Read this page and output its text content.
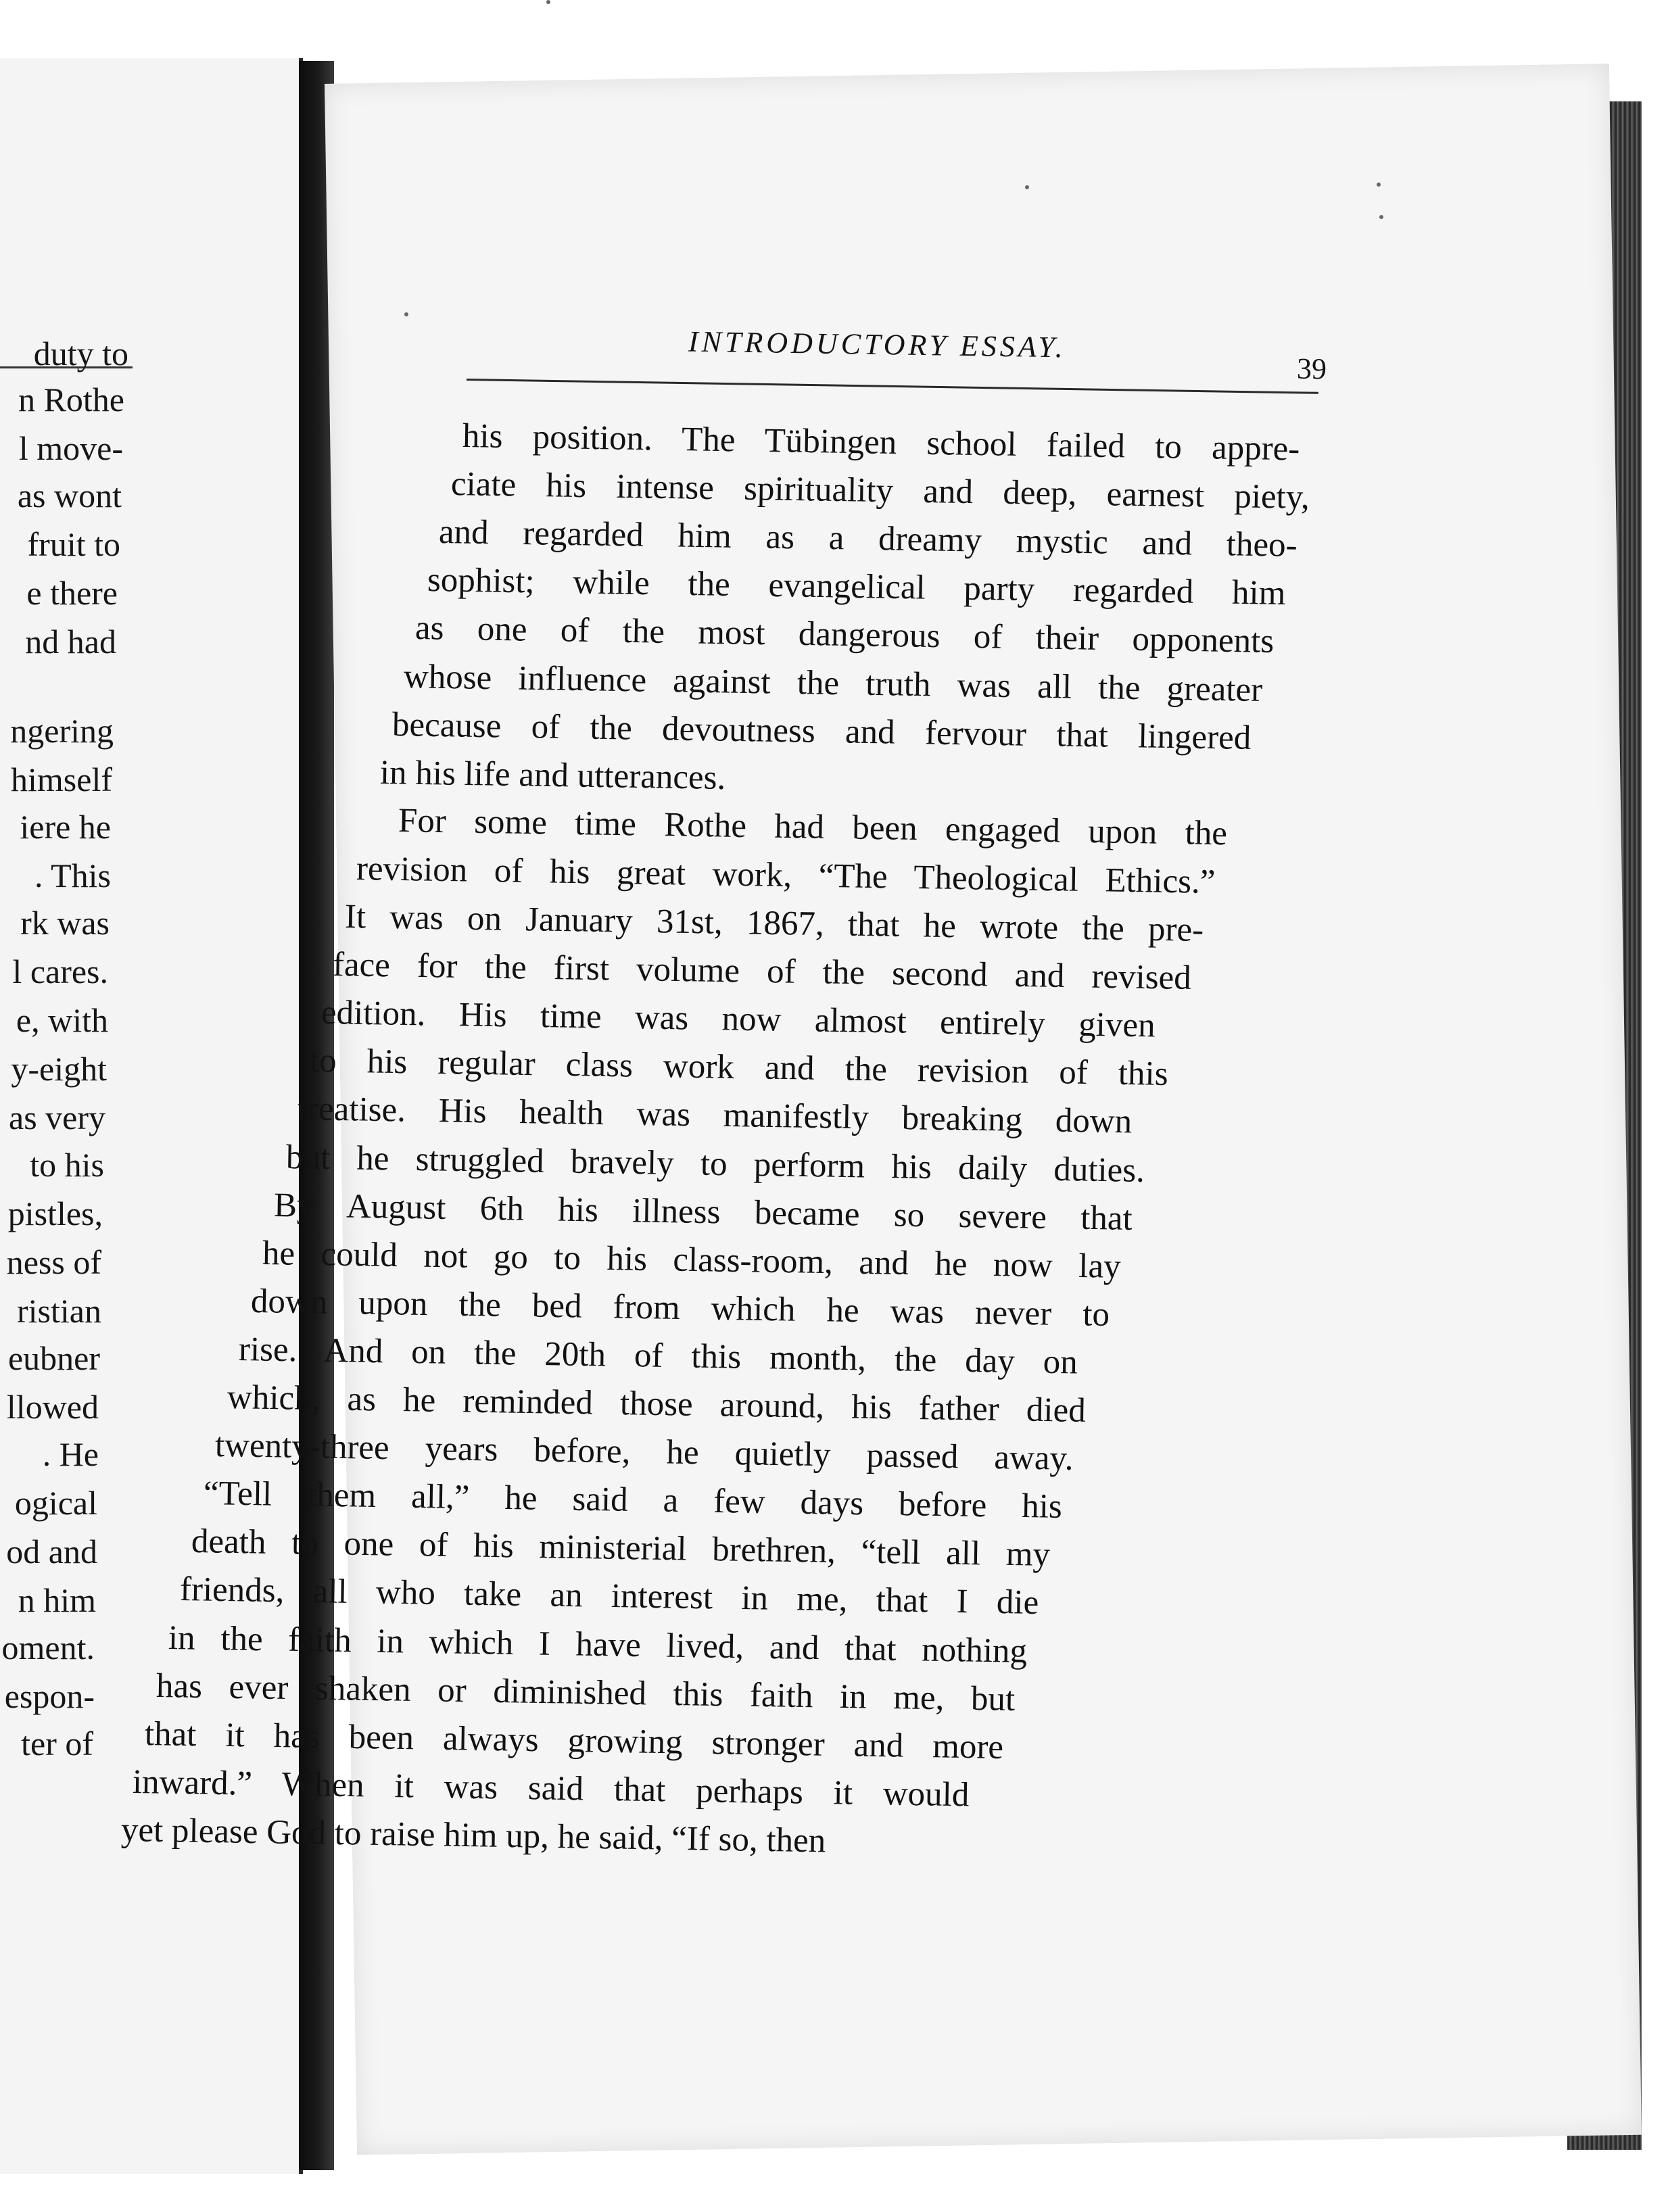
duty to
n Rothe
l move-
as wont
fruit to
e there
nd had
ngering
himself
iere he
. This
rk was
l cares.
e, with
y-eight
as very
to his
pistles,
ness of
ristian
eubner
llowed
. He
ogical
od and
n him
oment.
espon-
ter of
INTRODUCTORY ESSAY.
39
his position. The Tübingen school failed to appre-
ciate his intense spirituality and deep, earnest piety,
and regarded him as a dreamy mystic and theo-
sophist; while the evangelical party regarded him
as one of the most dangerous of their opponents
whose influence against the truth was all the greater
because of the devoutness and fervour that lingered
in his life and utterances.
For some time Rothe had been engaged upon the
revision of his great work, “The Theological Ethics.”
It was on January 31st, 1867, that he wrote the pre-
face for the first volume of the second and revised
edition. His time was now almost entirely given
to his regular class work and the revision of this
treatise. His health was manifestly breaking down
but he struggled bravely to perform his daily duties.
By August 6th his illness became so severe that
he could not go to his class-room, and he now lay
down upon the bed from which he was never to
rise. And on the 20th of this month, the day on
which, as he reminded those around, his father died
twenty-three years before, he quietly passed away.
“Tell them all,” he said a few days before his
death to one of his ministerial brethren, “tell all my
friends, all who take an interest in me, that I die
in the faith in which I have lived, and that nothing
has ever shaken or diminished this faith in me, but
that it has been always growing stronger and more
inward.” When it was said that perhaps it would
yet please God to raise him up, he said, “If so, then
